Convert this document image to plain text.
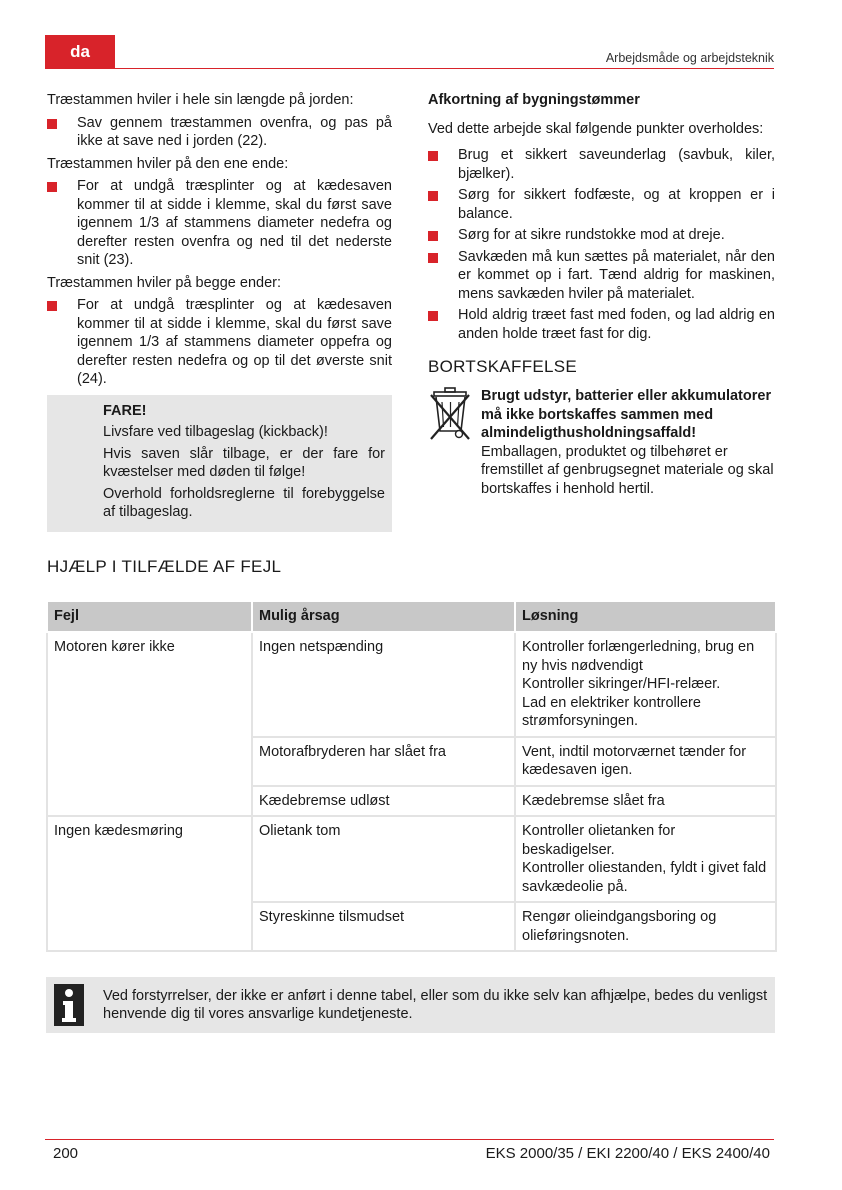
da	Arbejdsmåde og arbejdsteknik

Træstammen hviler i hele sin længde på jorden:

Sav gennem træstammen ovenfra, og pas på ikke at save ned i jorden (22).

Træstammen hviler på den ene ende:

For at undgå træsplinter og at kædesaven kommer til at sidde i klemme, skal du først save igennem 1/3 af stammens diameter nedefra og derefter resten ovenfra og ned til det nederste snit (23).

Træstammen hviler på begge ender:

For at undgå træsplinter og at kædesaven kommer til at sidde i klemme, skal du først save igennem 1/3 af stammens diameter oppefra og derefter resten nedefra og op til det øverste snit (24).
FARE!

Livsfare ved tilbageslag (kickback)!

Hvis saven slår tilbage, er der fare for kvæstelser med døden til følge!

Overhold forholdsreglerne til forebyggelse af tilbageslag.

Afkortning af bygningstømmer

Ved dette arbejde skal følgende punkter overholdes:

Brug et sikkert saveunderlag (savbuk, kiler, bjælker).
Sørg for sikkert fodfæste, og at kroppen er i balance.
Sørg for at sikre rundstokke mod at dreje.
Savkæden må kun sættes på materialet, når den er kommet op i fart. Tænd aldrig for maskinen, mens savkæden hviler på materialet.
Hold aldrig træet fast med foden, og lad aldrig en anden holde træet fast for dig.
BORTSKAFFELSE
Brugt udstyr, batterier eller akkumulatorer må ikke bortskaffes sammen med almindeligthusholdningsaffald!
Emballagen, produktet og tilbehøret er fremstillet af genbrugsegnet materiale og skal bortskaffes i henhold hertil.
HJÆLP I TILFÆLDE AF FEJL
Fejl	Mulig årsag	Løsning
Motoren kører ikke	Ingen netspænding	Kontroller forlængerledning, brug en ny hvis nødvendigt
Kontroller sikringer/HFI-relæer.
Lad en elektriker kontrollere strømforsyningen.

	Motorafbryderen har slået fra	Vent, indtil motorværnet tænder for kædesaven igen.
	Kædebremse udløst	Kædebremse slået fra
Ingen kædesmøring	Olietank tom	Kontroller olietanken for beskadigelser.
Kontroller oliestanden, fyldt i givet fald savkædeolie på.

	Styreskinne tilsmudset	Rengør olieindgangsboring og olieføringsnoten.
Ved forstyrrelser, der ikke er anført i denne tabel, eller som du ikke selv kan afhjælpe, bedes du venligst henvende dig til vores ansvarlige kundetjeneste.
200	EKS 2000/35 / EKI 2200/40 / EKS 2400/40
